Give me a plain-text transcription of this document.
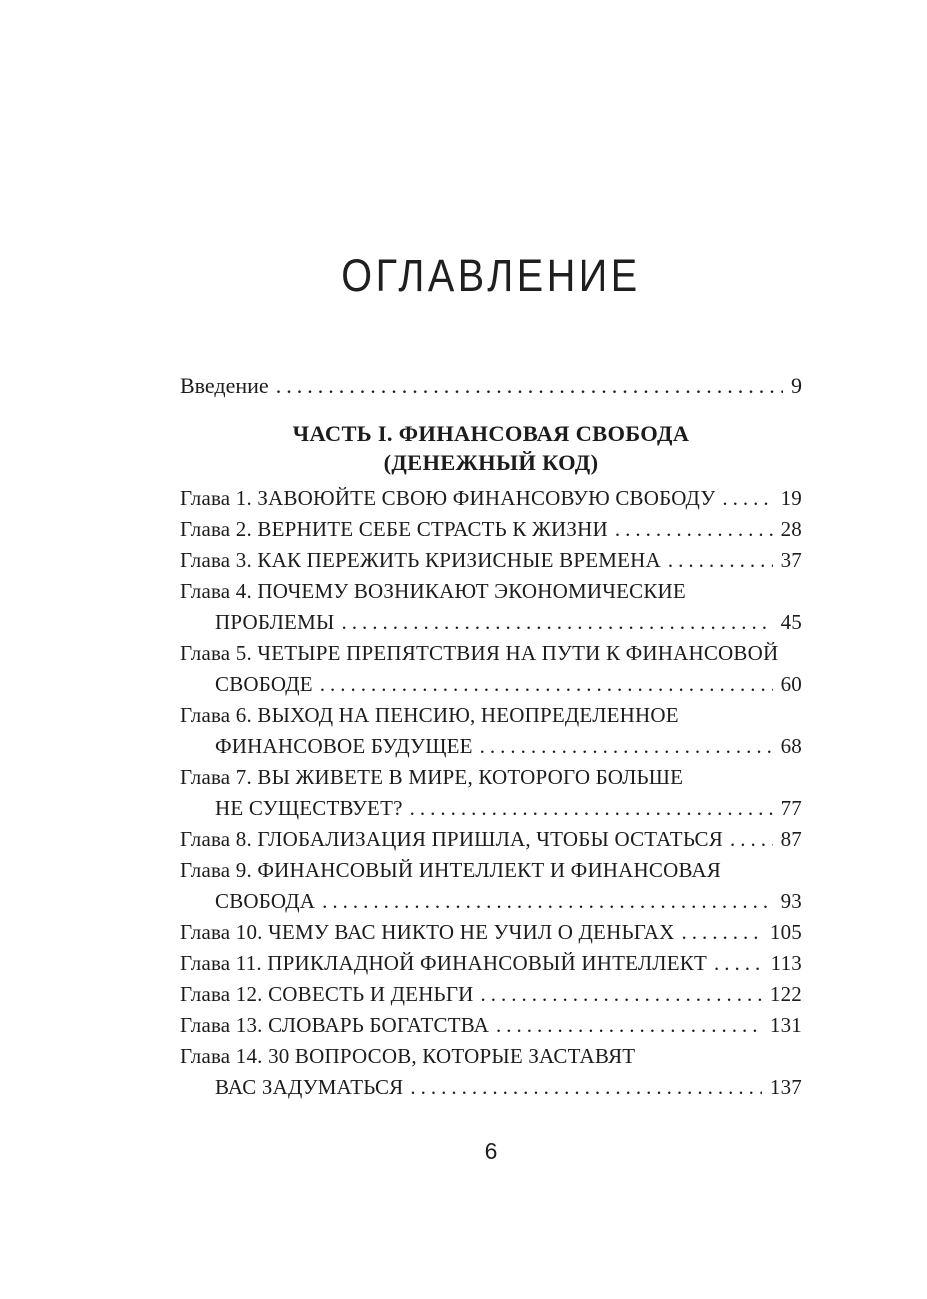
ОГЛАВЛЕНИЕ
Введение .....	9
ЧАСТЬ I. ФИНАНСОВАЯ СВОБОДА
(ДЕНЕЖНЫЙ КОД)
Глава 1. ЗАВОЮЙТЕ СВОЮ ФИНАНСОВУЮ СВОБОДУ .....	19
Глава 2. ВЕРНИТЕ СЕБЕ СТРАСТЬ К ЖИЗНИ .....	28
Глава 3. КАК ПЕРЕЖИТЬ КРИЗИСНЫЕ ВРЕМЕНА .....	37
Глава 4. ПОЧЕМУ ВОЗНИКАЮТ ЭКОНОМИЧЕСКИЕ
ПРОБЛЕМЫ .....	45
Глава 5. ЧЕТЫРЕ ПРЕПЯТСТВИЯ НА ПУТИ К ФИНАНСОВОЙ
СВОБОДЕ .....	60
Глава 6. ВЫХОД НА ПЕНСИЮ, НЕОПРЕДЕЛЕННОЕ
ФИНАНСОВОЕ БУДУЩЕЕ .....	68
Глава 7. ВЫ ЖИВЕТЕ В МИРЕ, КОТОРОГО БОЛЬШЕ
НЕ СУЩЕСТВУЕТ? .....	77
Глава 8. ГЛОБАЛИЗАЦИЯ ПРИШЛА, ЧТОБЫ ОСТАТЬСЯ .....	87
Глава 9. ФИНАНСОВЫЙ ИНТЕЛЛЕКТ И ФИНАНСОВАЯ
СВОБОДА .....	93
Глава 10. ЧЕМУ ВАС НИКТО НЕ УЧИЛ О ДЕНЬГАХ .....	105
Глава 11. ПРИКЛАДНОЙ ФИНАНСОВЫЙ ИНТЕЛЛЕКТ .....	113
Глава 12. СОВЕСТЬ И ДЕНЬГИ .....	122
Глава 13. СЛОВАРЬ БОГАТСТВА .....	131
Глава 14. 30 ВОПРОСОВ, КОТОРЫЕ ЗАСТАВЯТ
ВАС ЗАДУМАТЬСЯ .....	137
6
